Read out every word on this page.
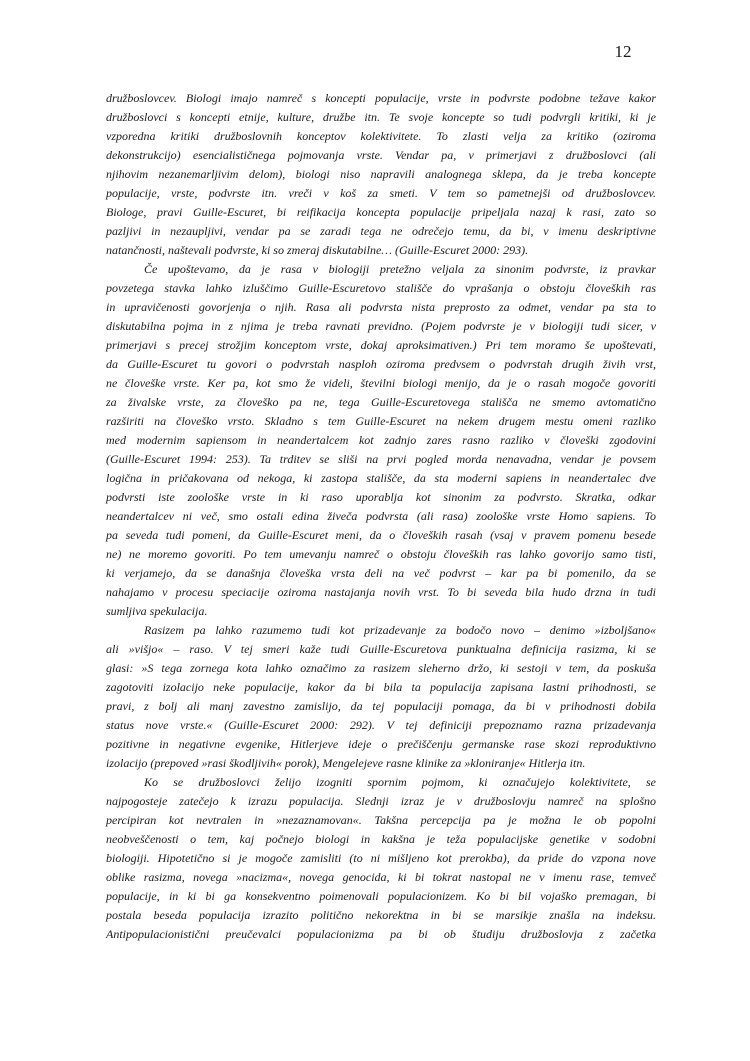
12
družboslovcev. Biologi imajo namreč s koncepti populacije, vrste in podvrste podobne težave kakor
družboslovci s koncepti etnije, kulture, družbe itn. Te svoje koncepte so tudi podvrgli kritiki, ki je
vzporedna kritiki družboslovnih konceptov kolektivitete. To zlasti velja za kritiko (oziroma
dekonstrukcijo) esencialističnega pojmovanja vrste. Vendar pa, v primerjavi z družboslovci (ali
njihovim nezanemarljivim delom), biologi niso napravili analognega sklepa, da je treba koncepte
populacije, vrste, podvrste itn. vreči v koš za smeti. V tem so pametnejši od družboslovcev.
Biologe, pravi Guille-Escuret, bi reifikacija koncepta populacije pripeljala nazaj k rasi, zato so
pazljivi in nezaupljivi, vendar pa se zaradi tega ne odrečejo temu, da bi, v imenu deskriptivne
natančnosti, naštevali podvrste, ki so zmeraj diskutabilne… (Guille-Escuret 2000: 293).
Če upoštevamo, da je rasa v biologiji pretežno veljala za sinonim podvrste, iz pravkar
povzetega stavka lahko izluščimo Guille-Escuretovo stališče do vprašanja o obstoju človeških ras
in upravičenosti govorjenja o njih. Rasa ali podvrsta nista preprosto za odmet, vendar pa sta to
diskutabilna pojma in z njima je treba ravnati previdno. (Pojem podvrste je v biologiji tudi sicer, v
primerjavi s precej strožjim konceptom vrste, dokaj aproksimativen.) Pri tem moramo še upoštevati,
da Guille-Escuret tu govori o podvrstah nasploh oziroma predvsem o podvrstah drugih živih vrst,
ne človeške vrste. Ker pa, kot smo že videli, številni biologi menijo, da je o rasah mogoče govoriti
za živalske vrste, za človeško pa ne, tega Guille-Escuretovega stališča ne smemo avtomatično
razširiti na človeško vrsto. Skladno s tem Guille-Escuret na nekem drugem mestu omeni razliko
med modernim sapiensom in neandertalcem kot zadnjo zares rasno razliko v človeški zgodovini
(Guille-Escuret 1994: 253). Ta trditev se sliši na prvi pogled morda nenavadna, vendar je povsem
logična in pričakovana od nekoga, ki zastopa stališče, da sta moderni sapiens in neandertalec dve
podvrsti iste zoološke vrste in ki raso uporablja kot sinonim za podvrsto. Skratka, odkar
neandertalcev ni več, smo ostali edina živeča podvrsta (ali rasa) zoološke vrste Homo sapiens. To
pa seveda tudi pomeni, da Guille-Escuret meni, da o človeških rasah (vsaj v pravem pomenu besede
ne) ne moremo govoriti. Po tem umevanju namreč o obstoju človeških ras lahko govorijo samo tisti,
ki verjamejo, da se današnja človeška vrsta deli na več podvrst – kar pa bi pomenilo, da se
nahajamo v procesu speciacije oziroma nastajanja novih vrst. To bi seveda bila hudo drzna in tudi
sumljiva spekulacija.
Rasizem pa lahko razumemo tudi kot prizadevanje za bodočo novo – denimo »izboljšano«
ali »višjo« – raso. V tej smeri kaže tudi Guille-Escuretova punktualna definicija rasizma, ki se
glasi: »S tega zornega kota lahko označimo za rasizem sleherno držo, ki sestoji v tem, da poskuša
zagotoviti izolacijo neke populacije, kakor da bi bila ta populacija zapisana lastni prihodnosti, se
pravi, z bolj ali manj zavestno zamislijo, da tej populaciji pomaga, da bi v prihodnosti dobila
status nove vrste.« (Guille-Escuret 2000: 292). V tej definiciji prepoznamo razna prizadevanja
pozitivne in negativne evgenike, Hitlerjeve ideje o prečiščenju germanske rase skozi reproduktivno
izolacijo (prepoved »rasi škodljivih« porok), Mengelejeve rasne klinike za »kloniranje« Hitlerja itn.
Ko se družboslovci želijo izogniti spornim pojmom, ki označujejo kolektivitete, se
najpogosteje zatečejo k izrazu populacija. Slednji izraz je v družboslovju namreč na splošno
percipiran kot nevtralen in »nezaznamovan«. Takšna percepcija pa je možna le ob popolni
neobveščenosti o tem, kaj počnejo biologi in kakšna je teža populacijske genetike v sodobni
biologiji. Hipotetično si je mogoče zamisliti (to ni mišljeno kot prerokba), da pride do vzpona nove
oblike rasizma, novega »nacizma«, novega genocida, ki bi tokrat nastopal ne v imenu rase, temveč
populacije, in ki bi ga konsekventno poimenovali populacionizem. Ko bi bil vojaško premagan, bi
postala beseda populacija izrazito politično nekorektna in bi se marsikje znašla na indeksu.
Antipopulacionistični preučevalci populacionizma pa bi ob študiju družboslovja z začetka
